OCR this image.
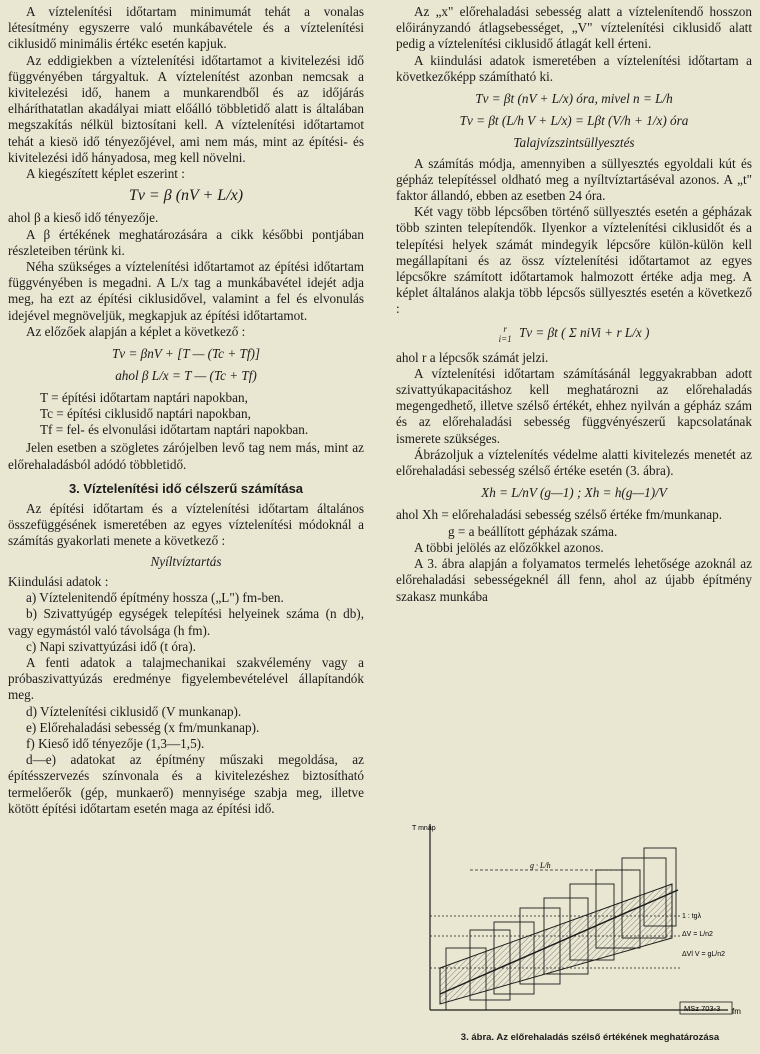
A víztelenítési időtartam minimumát tehát a vonalas létesítmény egyszerre való munkábavétele és a víztelenítési ciklusidő minimális értékc esetén kapjuk.

Az eddigiekben a víztelenítési időtartamot a kivitelezési idő függvényében tárgyaltuk. A víztelenítést azonban nemcsak a kivitelezési idő, hanem a munkarendből és az időjárás elháríthatatlan akadályai miatt előálló többletidő alatt is általában megszakítás nélkül biztosítani kell. A víztelenítési időtartamot tehát a kiesö idő tényezőjével, ami nem más, mint az építési- és kivitelezési idő hányadosa, meg kell növelni.

A kiegészített képlet eszerint :

Tv = β (nV + L/x)

ahol β a kieső idő tényezője.

A β értékének meghatározására a cikk későbbi pontjában részleteiben térünk ki.

Néha szükséges a víztelenítési időtartamot az építési időtartam függvényében is megadni. A L/x tag a munkábavétel idejét adja meg, ha ezt az építési ciklusidővel, valamint a fel és elvonulás idejével megnöveljük, megkapjuk az építési időtartamot.

Az előzőek alapján a képlet a következő :

Tv = βnV + [T — (Tc + Tf)]
ahol β L/x = T — (Tc + Tf)
T = építési időtartam naptári napokban,
Tc = építési ciklusidő naptári napokban,
Tf = fel- és elvonulási időtartam naptári napokban.

Jelen esetben a szögletes zárójelben levő tag nem más, mint az előrehaladásból adódó többletidő.

3. Víztelenítési idő célszerű számítása

Az építési időtartam és a víztelenítési időtartam általános összefüggésének ismeretében az egyes víztelenítési módoknál a számítás gyakorlati menete a következő :

Nyíltvíztartás

Kiindulási adatok :

a) Víztelenitendő építmény hossza („L") fm-ben.

b) Szivattyúgép egységek telepítési helyeinek száma (n db), vagy egymástól való távolsága (h fm).

c) Napi szivattyúzási idő (t óra).

A fenti adatok a talajmechanikai szakvélemény vagy a próbaszivattyúzás eredménye figyelembevételével állapítandók meg.

d) Víztelenítési ciklusidő (V munkanap).

e) Előrehaladási sebesség (x fm/munkanap).

f) Kieső idő tényezője (1,3—1,5).

d—e) adatokat az építmény műszaki megoldása, az építésszervezés színvonala és a kivitelezéshez biztosítható termelőerők (gép, munkaerő) mennyisége szabja meg, illetve kötött építési időtartam esetén maga az építési idő.

Az „x" előrehaladási sebesség alatt a víztelenítendő hosszon előirányzandó átlagsebességet, „V" víztelenítési ciklusidő alatt pedig a víztelenítési ciklusidő átlagát kell érteni.

A kiindulási adatok ismeretében a víztelenítési időtartam a következőképp számítható ki.

Tv = βt (nV + L/x) óra, mivel n = L/h
Tv = βt (L/h V + L/x) = Lβt (V/h + 1/x) óra
Talajvízszintsüllyesztés

A számítás módja, amennyiben a süllyesztés egyoldali kút és gépház telepítéssel oldható meg a nyíltvíztartáséval azonos. A „t" faktor állandó, ebben az esetben 24 óra.

Két vagy több lépcsőben történő süllyesztés esetén a gépházak több szinten telepítendők. Ilyenkor a víztelenítési ciklusidőt és a telepítési helyek számát mindegyik lépcsőre külön-külön kell megállapítani és az össz víztelenítési időtartamot az egyes lépcsőkre számított időtartamok halmozott értéke adja meg. A képlet általános alakja több lépcsős süllyesztés esetén a következő :

r
i=1 Tv = βt ( Σ niVi + r L/x )

ahol r a lépcsők számát jelzi.

A víztelenítési időtartam számításánál leggyakrabban adott szivattyúkapacitáshoz kell meghatározni az előrehaladás megengedhető, illetve szélső értékét, ehhez nyilván a gépház szám és az előrehaladási sebesség függvényészerű kapcsolatának ismerete szükséges.

Ábrázoljuk a víztelenítés védelme alatti kivitelezés menetét az előrehaladási sebesség szélső értéke esetén (3. ábra).

Xh = L/nV (g—1) ; Xh = h(g—1)/V

ahol Xh = előrehaladási sebesség szélső értéke fm/munkanap.

g = a beállított gépházak száma.

A többi jelölés az előzőkkel azonos.

A 3. ábra alapján a folyamatos termelés lehetősége azoknál az előrehaladási sebességeknél áll fenn, ahol az újabb építmény szakasz munkába

T mnap
fm
g · L/h
1 : tgλ
ΔV = L/n2
ΔVl V = gL/n2
MSz 703-3
3. ábra. Az előrehaladás szélső értékének meghatározása
